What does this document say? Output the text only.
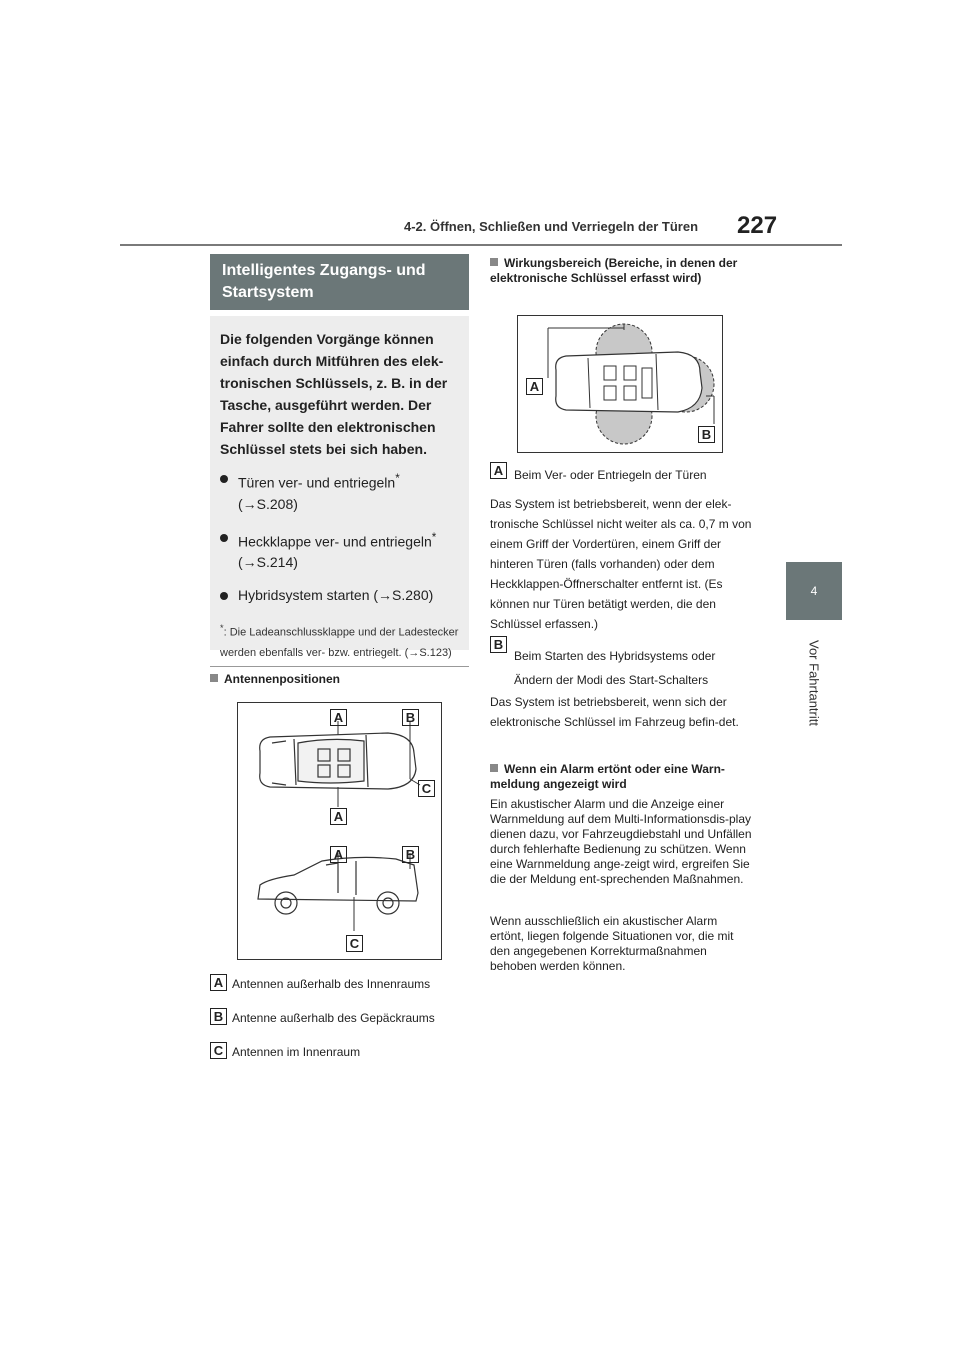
4-2. Öffnen, Schließen und Verriegeln der Türen 227
4
Vor Fahrtantritt
Intelligentes Zugangs- und Startsystem

Die folgenden Vorgänge können einfach durch Mitführen des elek-tronischen Schlüssels, z. B. in der Tasche, ausgeführt werden. Der Fahrer sollte den elektronischen Schlüssel stets bei sich haben.

Türen ver- und entriegeln*
(→S.208)
Heckklappe ver- und entriegeln*
(→S.214)
Hybridsystem starten (→S.280)
*: Die Ladeanschlussklappe und der Ladestecker werden ebenfalls ver- bzw. entriegelt. (→S.123)
Antennenpositionen
A	B
C
A
A	B
C
A Antennen außerhalb des Innenraums
B Antenne außerhalb des Gepäckraums
C Antennen im Innenraum
Wirkungsbereich (Bereiche, in denen der elektronische Schlüssel erfasst wird)
A
B
A Beim Ver- oder Entriegeln der Türen
Das System ist betriebsbereit, wenn der elek-tronische Schlüssel nicht weiter als ca. 0,7 m von einem Griff der Vordertüren, einem Griff der hinteren Türen (falls vorhanden) oder dem Heckklappen-Öffnerschalter entfernt ist. (Es können nur Türen betätigt werden, die den Schlüssel erfassen.)
B
Beim Starten des Hybridsystems oder Ändern der Modi des Start-Schalters
Das System ist betriebsbereit, wenn sich der elektronische Schlüssel im Fahrzeug befin-det.
Wenn ein Alarm ertönt oder eine Warn-meldung angezeigt wird
Ein akustischer Alarm und die Anzeige einer Warnmeldung auf dem Multi-Informationsdis-play dienen dazu, vor Fahrzeugdiebstahl und Unfällen durch fehlerhafte Bedienung zu schützen. Wenn eine Warnmeldung ange-zeigt wird, ergreifen Sie die der Meldung ent-sprechenden Maßnahmen.
Wenn ausschließlich ein akustischer Alarm ertönt, liegen folgende Situationen vor, die mit den angegebenen Korrekturmaßnahmen behoben werden können.
